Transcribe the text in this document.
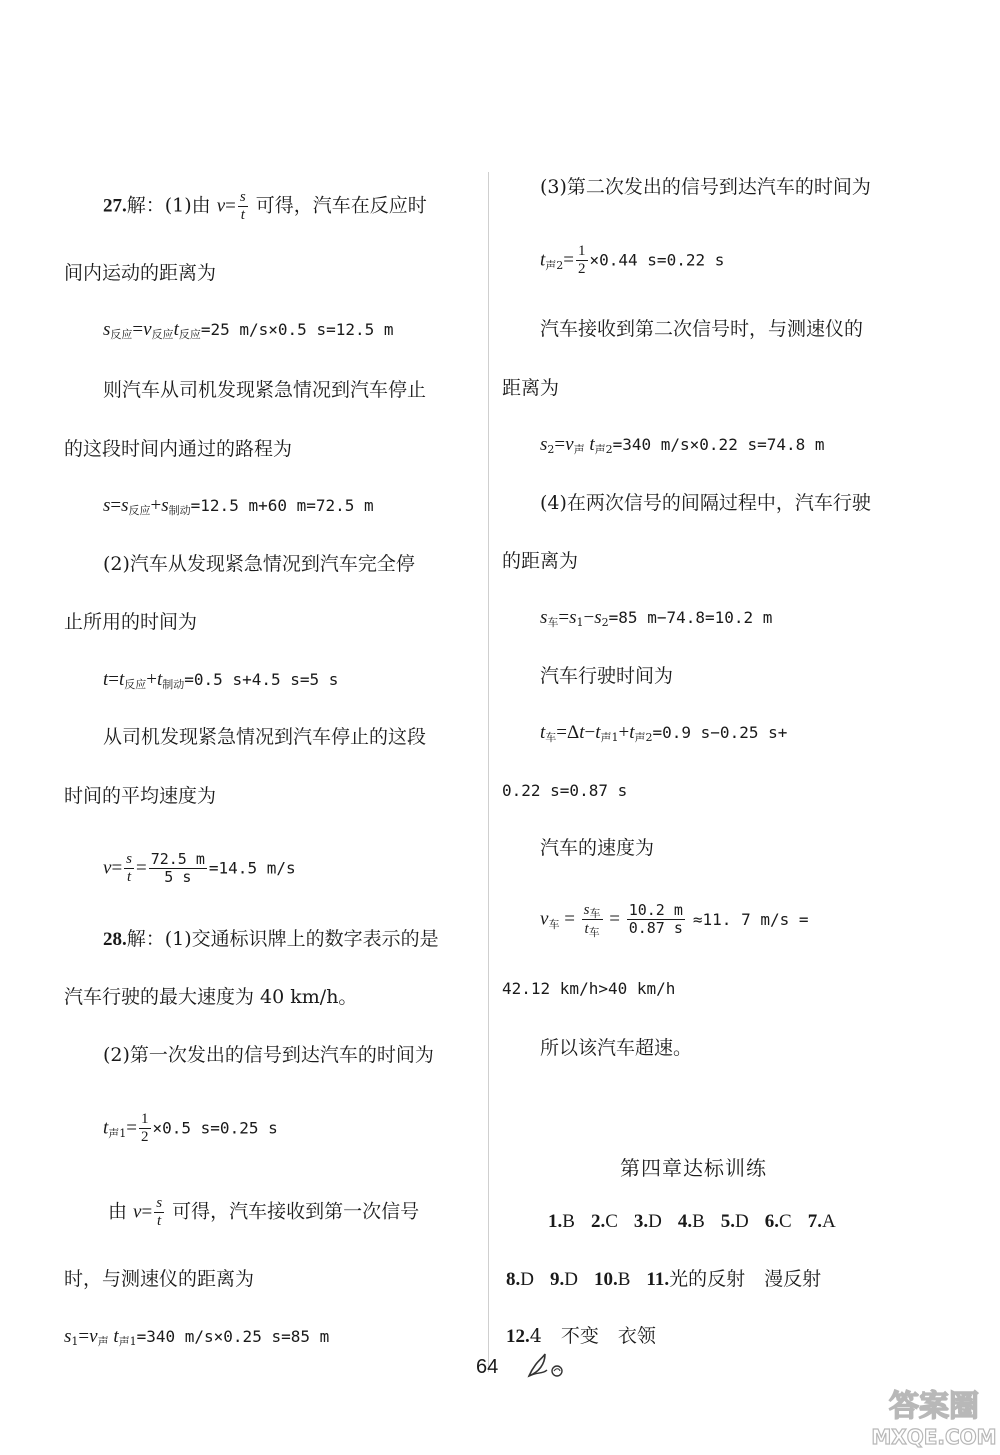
27.解：(1)由 $v= \frac{s}{t}$ 可得，汽车在反应时
间内运动的距离为
s反应=v反应t反应=25 m/s×0.5 s=12.5 m
则汽车从司机发现紧急情况到汽车停止
的这段时间内通过的路程为
s=s反应+s制动=12.5 m+60 m=72.5 m
(2)汽车从发现紧急情况到汽车完全停
止所用的时间为
t=t反应+t制动=0.5 s+4.5 s=5 s
从司机发现紧急情况到汽车停止的这段
时间的平均速度为
$v= \frac{s}{t} = \frac{72.5 m}{5 s} =14.5$ m/s
28.解：(1)交通标识牌上的数字表示的是
汽车行驶的最大速度为 40 km/h。
(2)第一次发出的信号到达汽车的时间为
t声$1= \frac{1}{2} \times 0.5$ s=0.25 s
由 $v= \frac{s}{t}$ 可得，汽车接收到第一次信号
时，与测速仪的距离为
s1=v声 t声1=340 m/s×0.25 s=85 m
(3)第二次发出的信号到达汽车的时间为
t声$2= \frac{1}{2} \times 0.44$ s=0.22 s
汽车接收到第二次信号时，与测速仪的
距离为
s2=v声 t声2=340 m/s×0.22 s=74.8 m
(4)在两次信号的间隔过程中，汽车行驶
的距离为
s车=s1−s2=85 m−74.8=10.2 m
汽车行驶时间为
t车=Δt−t声1+t声2=0.9 s−0.25 s+
0.22 s=0.87 s
汽车的速度为
v车 = $\frac{s_车}{t_车} = \frac{10.2 m}{0.87 s} \approx 11$. 7 m/s =
42.12 km/h>40 km/h
所以该汽车超速。
第四章达标训练
1.B 2.C 3.D 4.B 5.D 6.C 7.A
8.D 9.D 10.B 11.光的反射　漫反射
12.4　不变　衣领
64
答案圈
MXQE.COM
